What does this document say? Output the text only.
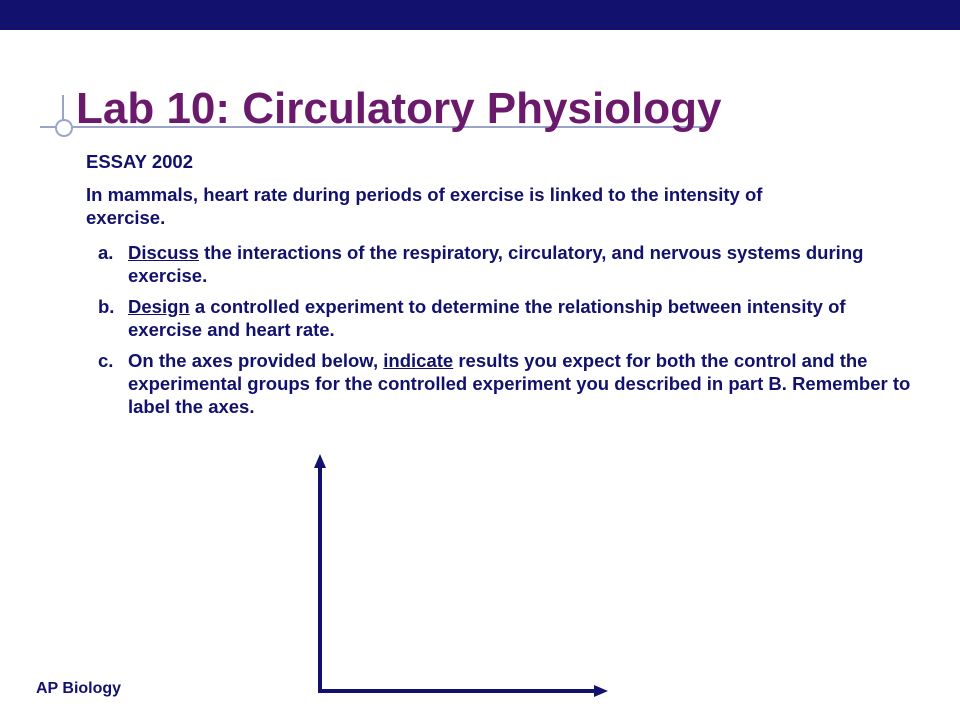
Lab 10: Circulatory Physiology

ESSAY 2002

In mammals, heart rate during periods of exercise is linked to the intensity of exercise.

a. Discuss the interactions of the respiratory, circulatory, and nervous systems during exercise.
b. Design a controlled experiment to determine the relationship between intensity of exercise and heart rate.
c. On the axes provided below, indicate results you expect for both the control and the experimental groups for the controlled experiment you described in part B. Remember to label the axes.
AP Biology
